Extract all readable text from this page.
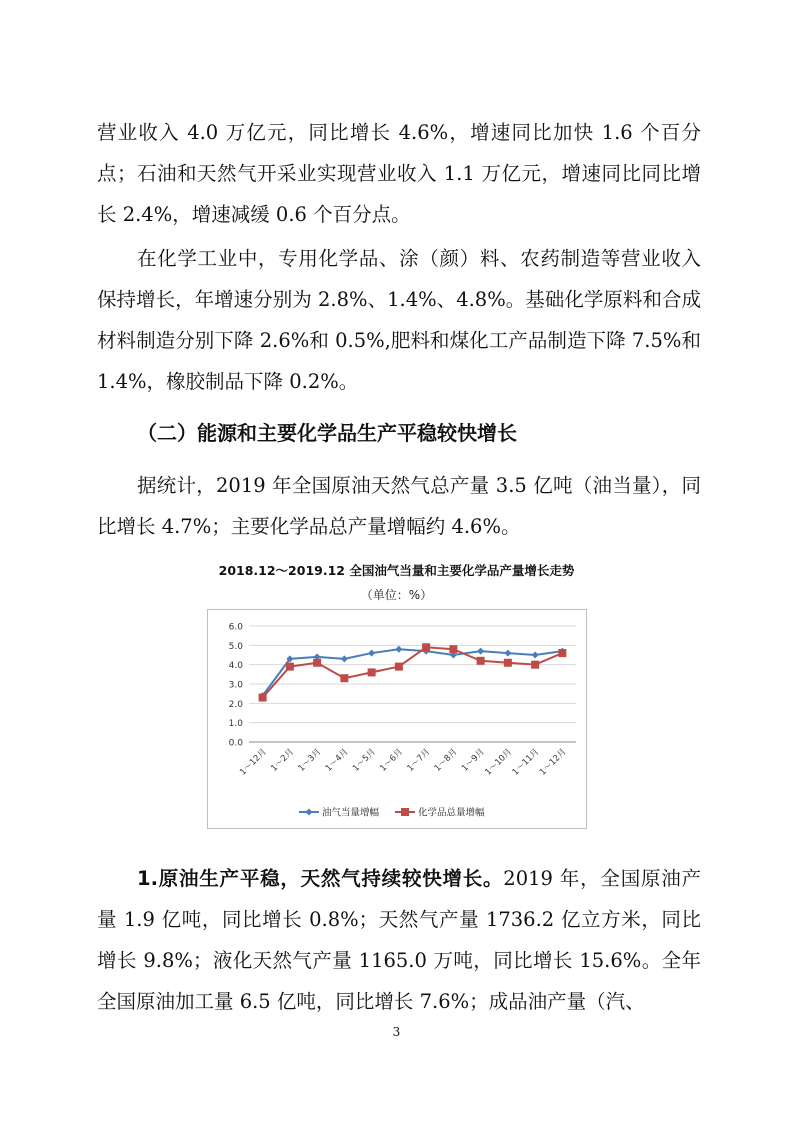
营业收入 4.0 万亿元，同比增长 4.6%，增速同比加快 1.6 个百分点；石油和天然气开采业实现营业收入 1.1 万亿元，增速同比同比增长 2.4%，增速减缓 0.6 个百分点。

在化学工业中，专用化学品、涂（颜）料、农药制造等营业收入保持增长，年增速分别为 2.8%、1.4%、4.8%。基础化学原料和合成材料制造分别下降 2.6%和 0.5%,肥料和煤化工产品制造下降 7.5%和 1.4%，橡胶制品下降 0.2%。

（二）能源和主要化学品生产平稳较快增长

据统计，2019 年全国原油天然气总产量 3.5 亿吨（油当量），同比增长 4.7%；主要化学品总产量增幅约 4.6%。

2018.12～2019.12 全国油气当量和主要化学品产量增长走势
（单位：%）
6.0
5.0
4.0
3.0
2.0
1.0
0.0
1～12月 1～2月 1～3月 1～4月 1～5月 1～6月 1～7月 1～8月 1～9月
1～10月
1～11月
1～12月
油气当量增幅	化学品总量增幅

1.原油生产平稳，天然气持续较快增长。2019 年，全国原油产量 1.9 亿吨，同比增长 0.8%；天然气产量 1736.2 亿立方米，同比增长 9.8%；液化天然气产量 1165.0 万吨，同比增长 15.6%。全年全国原油加工量 6.5 亿吨，同比增长 7.6%；成品油产量（汽、

3
